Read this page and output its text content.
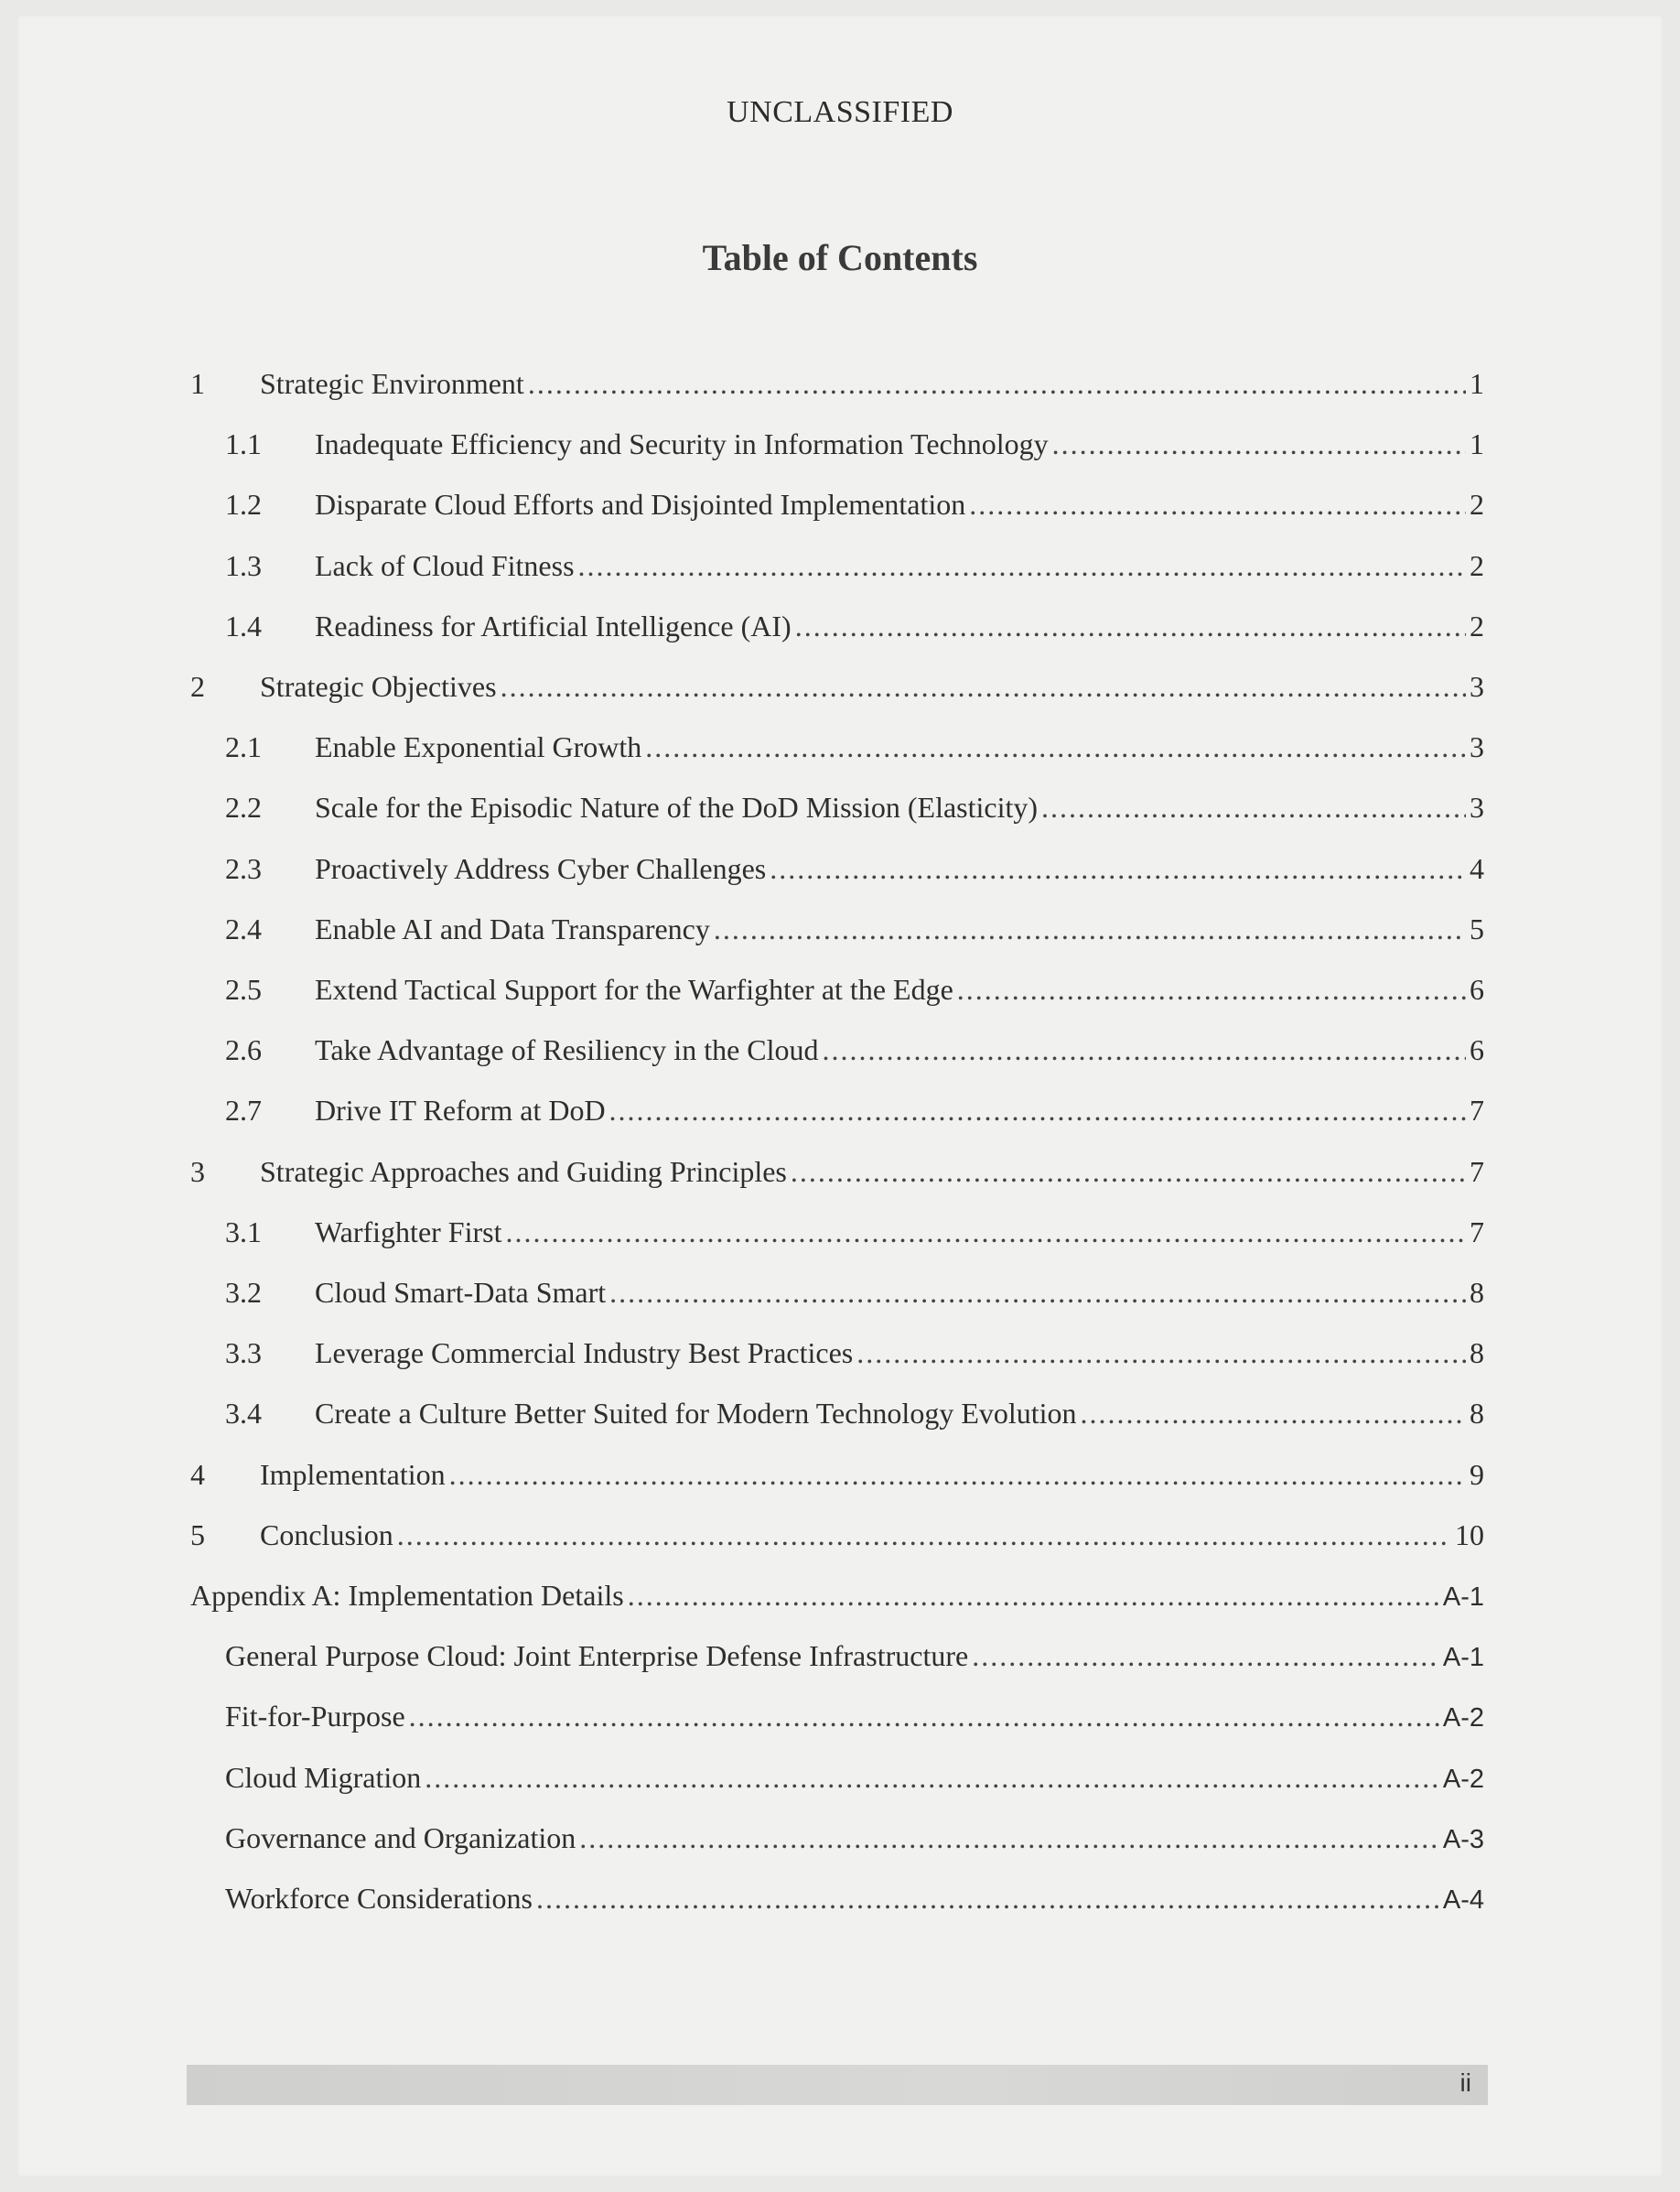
UNCLASSIFIED
Table of Contents
1	Strategic Environment .....	1
1.1	Inadequate Efficiency and Security in Information Technology .....	1
1.2	Disparate Cloud Efforts and Disjointed Implementation .....	2
1.3	Lack of Cloud Fitness .....	2
1.4	Readiness for Artificial Intelligence (AI) .....	2
2	Strategic Objectives .....	3
2.1	Enable Exponential Growth .....	3
2.2	Scale for the Episodic Nature of the DoD Mission (Elasticity) .....	3
2.3	Proactively Address Cyber Challenges .....	4
2.4	Enable AI and Data Transparency .....	5
2.5	Extend Tactical Support for the Warfighter at the Edge .....	6
2.6	Take Advantage of Resiliency in the Cloud .....	6
2.7	Drive IT Reform at DoD .....	7
3	Strategic Approaches and Guiding Principles .....	7
3.1	Warfighter First .....	7
3.2	Cloud Smart-Data Smart .....	8
3.3	Leverage Commercial Industry Best Practices .....	8
3.4	Create a Culture Better Suited for Modern Technology Evolution .....	8
4	Implementation .....	9
5	Conclusion .....	10
Appendix A: Implementation Details .....	A-1
General Purpose Cloud: Joint Enterprise Defense Infrastructure .....	A-1
Fit-for-Purpose .....	A-2
Cloud Migration .....	A-2
Governance and Organization .....	A-3
Workforce Considerations .....	A-4
ii
